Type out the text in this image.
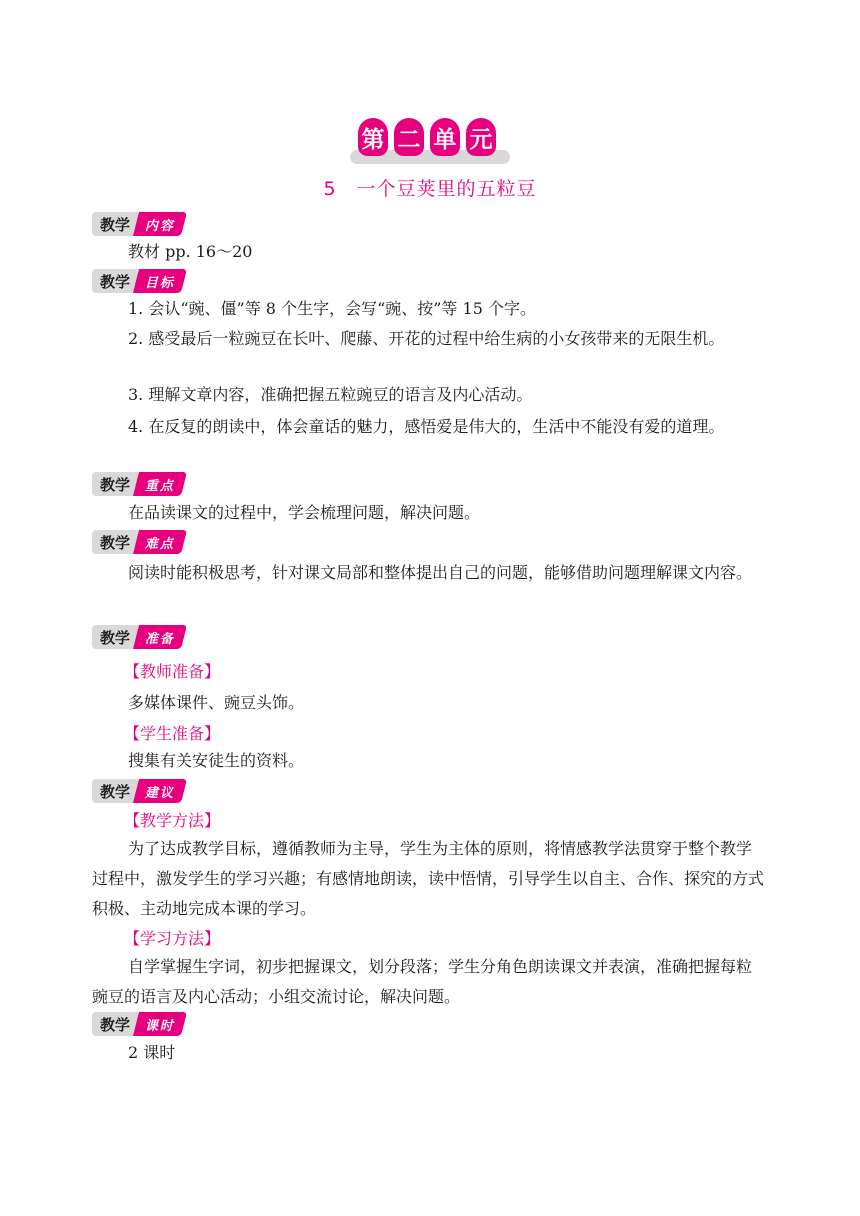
第 二 单 元
5　一个豆荚里的五粒豆
教学	内容
教材 pp. 16～20
教学	目标
1. 会认“豌、僵”等 8 个生字，会写“豌、按”等 15 个字。
2. 感受最后一粒豌豆在长叶、爬藤、开花的过程中给生病的小女孩带来的无限生机。
3. 理解文章内容，准确把握五粒豌豆的语言及内心活动。
4. 在反复的朗读中，体会童话的魅力，感悟爱是伟大的，生活中不能没有爱的道理。
教学	重点
在品读课文的过程中，学会梳理问题，解决问题。
教学	难点
阅读时能积极思考，针对课文局部和整体提出自己的问题，能够借助问题理解课文内容。
教学	准备
【教师准备】
多媒体课件、豌豆头饰。
【学生准备】
搜集有关安徒生的资料。
教学	建议
【教学方法】
为了达成教学目标，遵循教师为主导，学生为主体的原则，将情感教学法贯穿于整个教学过程中，激发学生的学习兴趣；有感情地朗读，读中悟情，引导学生以自主、合作、探究的方式积极、主动地完成本课的学习。
【学习方法】
自学掌握生字词，初步把握课文，划分段落；学生分角色朗读课文并表演，准确把握每粒豌豆的语言及内心活动；小组交流讨论，解决问题。
教学	课时
2 课时
